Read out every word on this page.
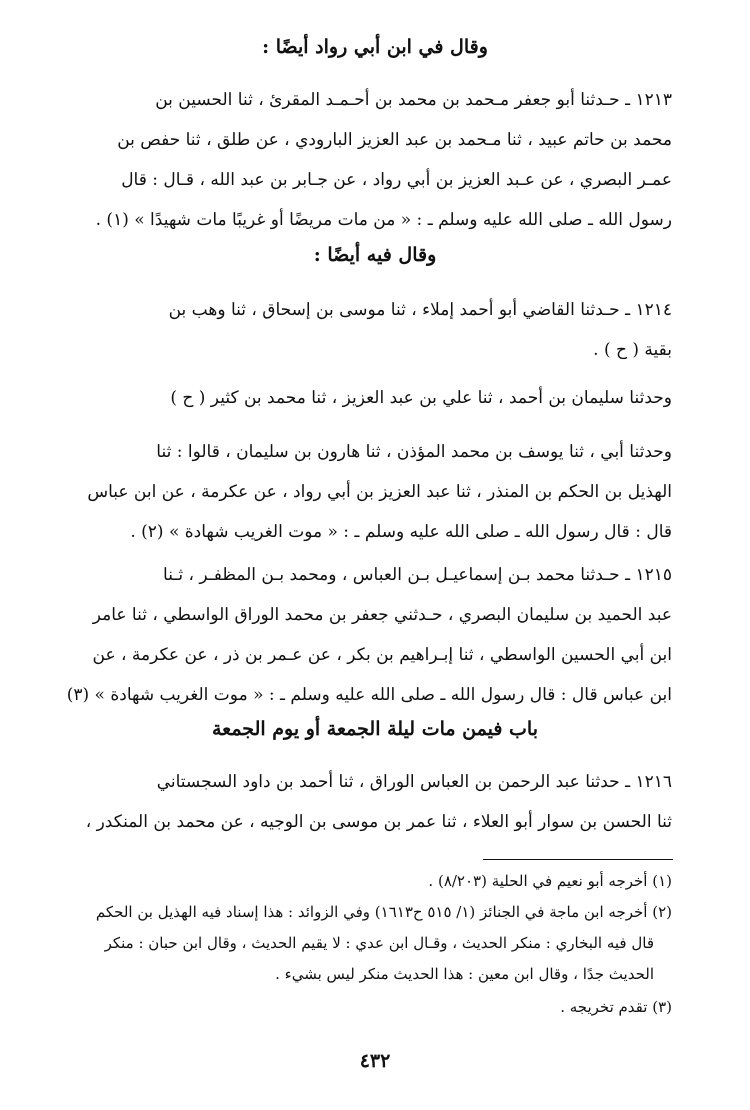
وقال في ابن أبي رواد أيضًا :
١٢١٣ ـ حـدثنا أبو جعفر مـحمد بن محمد بن أحـمـد المقرئ ، ثنا الحسين بن
محمد بن حاتم عبيد ، ثنا مـحمد بن عبد العزيز البارودي ، عن طلق ، ثنا حفص بن
عمـر البصري ، عن عـبد العزيز بن أبي رواد ، عن جـابر بن عبد الله ، قـال : قال
رسول الله ـ صلى الله عليه وسلم ـ : « من مات مريضًا أو غريبًا مات شهيدًا » (١) .
وقال فيه أيضًا :
١٢١٤ ـ حـدثنا القاضي أبو أحمد إملاء ، ثنا موسى بن إسحاق ، ثنا وهب بن
بقية ( ح ) .
وحدثنا سليمان بن أحمد ، ثنا علي بن عبد العزيز ، ثنا محمد بن كثير ( ح )
وحدثنا أبي ، ثنا يوسف بن محمد المؤذن ، ثنا هارون بن سليمان ، قالوا : ثنا
الهذيل بن الحكم بن المنذر ، ثنا عبد العزيز بن أبي رواد ، عن عكرمة ، عن ابن عباس
قال : قال رسول الله ـ صلى الله عليه وسلم ـ : « موت الغريب شهادة » (٢) .
١٢١٥ ـ حـدثنا محمد بـن إسماعيـل بـن العباس ، ومحمد بـن المظفـر ، ثـنا
عبد الحميد بن سليمان البصري ، حـدثني جعفر بن محمد الوراق الواسطي ، ثنا عامر
ابن أبي الحسين الواسطي ، ثنا إبـراهيم بن بكر ، عن عـمر بن ذر ، عن عكرمة ، عن
ابن عباس قال : قال رسول الله ـ صلى الله عليه وسلم ـ : « موت الغريب شهادة » (٣)
باب فيمن مات ليلة الجمعة أو يوم الجمعة
١٢١٦ ـ حدثنا عبد الرحمن بن العباس الوراق ، ثنا أحمد بن داود السجستاني
ثنا الحسن بن سوار أبو العلاء ، ثنا عمر بن موسى بن الوجيه ، عن محمد بن المنكدر ،
(١) أخرجه أبو نعيم في الحلية (٨/٢٠٣) .
(٢) أخرجه ابن ماجة في الجنائز (١/ ٥١٥ ح١٦١٣) وفي الزوائد : هذا إسناد فيه الهذيل بن الحكم
قال فيه البخاري : منكر الحديث ، وقـال ابن عدي : لا يقيم الحديث ، وقال ابن حبان : منكر
الحديث جدًا ، وقال ابن معين : هذا الحديث منكر ليس بشيء .
(٣) تقدم تخريجه .
٤٣٢
